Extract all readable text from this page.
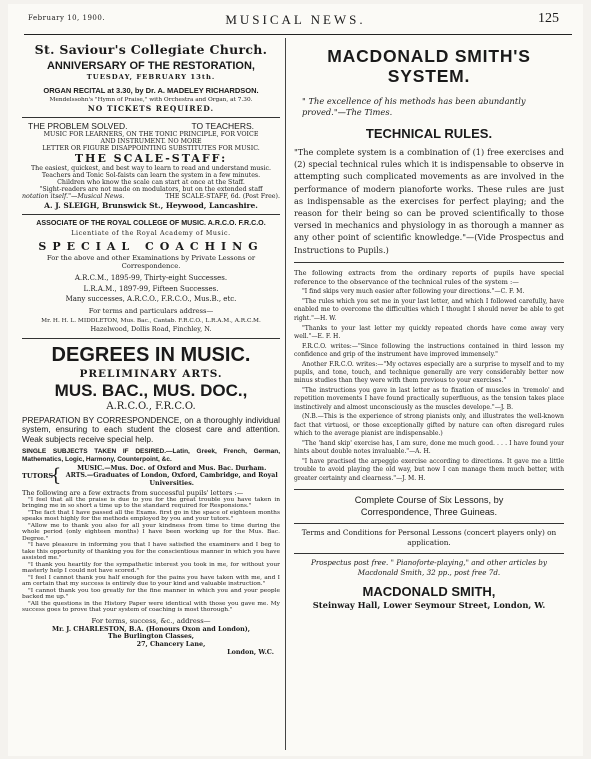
February 10, 1900.	MUSICAL NEWS.	125

St. Saviour's Collegiate Church.

ANNIVERSARY OF THE RESTORATION,

TUESDAY, FEBRUARY 13th.

ORGAN RECITAL at 3.30, by Dr. A. MADELEY RICHARDSON.

Mendelssohn's "Hymn of Praise," with Orchestra and Organ, at 7.30.

NO TICKETS REQUIRED.

THE PROBLEM SOLVED.	TO TEACHERS.

MUSIC FOR LEARNERS, ON THE TONIC PRINCIPLE, FOR VOICE

AND INSTRUMENT. NO MORE

LETTER OR FIGURE DISAPPOINTING SUBSTITUTES FOR MUSIC.

THE SCALE-STAFF:

The easiest, quickest, and best way to learn to read and understand music.

Teachers and Tonic Sol-faists can learn the system in a few minutes.

Children who know the scale can start at once at the Staff.

"Sight-readers are not made on modulators, but on the extended staff

notation itself."—Musical News.	THE SCALE-STAFF, 6d. (Post Free).

A. J. SLEIGH, Brunswick St., Heywood, Lancashire.

ASSOCIATE OF THE ROYAL COLLEGE OF MUSIC. A.R.C.O. F.R.C.O.

Licentiate of the Royal Academy of Music.

SPECIAL COACHING

For the above and other Examinations by Private Lessons or Correspondence.

A.R.C.M., 1895-99, Thirty-eight Successes.

L.R.A.M., 1897-99, Fifteen Successes.

Many successes, A.R.C.O., F.R.C.O., Mus.B., etc.

For terms and particulars address—

Mr. H. H. L. MIDDLETON, Mus. Bac., Cantab. F.R.C.O., L.R.A.M., A.R.C.M.

Hazelwood, Dollis Road, Finchley, N.

DEGREES IN MUSIC.

PRELIMINARY ARTS.

MUS. BAC., MUS. DOC.,

A.R.C.O., F.R.C.O.

PREPARATION BY CORRESPONDENCE, on a thoroughly individual system, ensuring to each student the closest care and attention. Weak subjects receive special help.

SINGLE SUBJECTS TAKEN IF DESIRED.—Latin, Greek, French, German, Mathematics, Logic, Harmony, Counterpoint, &c.

TUTORS
{	MUSIC.—Mus. Doc. of Oxford and Mus. Bac. Durham.

ARTS.—Graduates of London, Oxford, Cambridge, and Royal Universities.

The following are a few extracts from successful pupils' letters :—

"I feel that all the praise is due to you for the great trouble you have taken in bringing me in so short a time up to the standard required for Responsions."

"The fact that I have passed all the Exams. first go in the space of eighteen months speaks most highly for the methods employed by you and your tutors."

"Allow me to thank you also for all your kindness from time to time during the whole period (only eighteen months) I have been working up for the Mus. Bac. Degree."

"I have pleasure in informing you that I have satisfied the examiners and I beg to take this opportunity of thanking you for the conscientious manner in which you have assisted me."

"I thank you heartily for the sympathetic interest you took in me, for without your masterly help I could not have scored."

"I feel I cannot thank you half enough for the pains you have taken with me, and I am certain that my success is entirely due to your kind and valuable instruction."

"I cannot thank you too greatly for the fine manner in which you and your people backed me up."

"All the questions in the History Paper were identical with those you gave me. My success goes to prove that your system of coaching is most thorough."

For terms, success, &c., address—

Mr. J. CHARLESTON, B.A. (Honours Oxon and London),

The Burlington Classes,

27, Chancery Lane,

London, W.C.

MACDONALD SMITH'S

SYSTEM.

" The excellence of his methods has been abundantly proved."—The Times.

TECHNICAL RULES.

"The complete system is a combination of (1) free exercises and (2) special technical rules which it is indispensable to observe in attempting such complicated movements as are involved in the performance of modern pianoforte works. These rules are just as indispensable as the exercises for perfect playing; and the reason for their being so can be proved scientifically to those versed in mechanics and physiology in as thorough a manner as any other point of scientific knowledge."—(Vide Prospectus and Instructions to Pupils.)

The following extracts from the ordinary reports of pupils have special reference to the observance of the technical rules of the system :—

"I find skips very much easier after following your directions."—C. F. M.

"The rules which you set me in your last letter, and which I followed carefully, have enabled me to overcome the difficulties which I thought I should never be able to get right."—H. W.

"Thanks to your last letter my quickly repeated chords have come away very well."—E. F. H.

F.R.C.O. writes:—"Since following the instructions contained in third lesson my confidence and grip of the instrument have improved immensely."

Another F.R.C.O. writes:—"My octaves especially are a surprise to myself and to my pupils, and tone, touch, and technique generally are very considerably better now minus studies than they were with them previous to your exercises."

"The instructions you gave in last letter as to fixation of muscles in 'tremolo' and repetition movements I have found practically superfluous, as the tension takes place instinctively and almost unconsciously as the muscles develope."—J. B.

(N.B.—This is the experience of strong pianists only, and illustrates the well-known fact that virtuosi, or those exceptionally gifted by nature can often disregard rules which to the average pianist are indispensable.)

"The 'hand skip' exercise has, I am sure, done me much good. . . . I have found your hints about double notes invaluable."—A. H.

"I have practised the arpeggio exercise according to directions. It gave me a little trouble to avoid playing the old way, but now I can manage them much better, with greater certainty and clearness."—J. M. H.

Complete Course of Six Lessons, by

Correspondence, Three Guineas.

Terms and Conditions for Personal Lessons (concert players only) on application.

Prospectus post free. " Pianoforte-playing," and other articles by Macdonald Smith, 32 pp., post free 7d.

MACDONALD SMITH,

Steinway Hall, Lower Seymour Street, London, W.
